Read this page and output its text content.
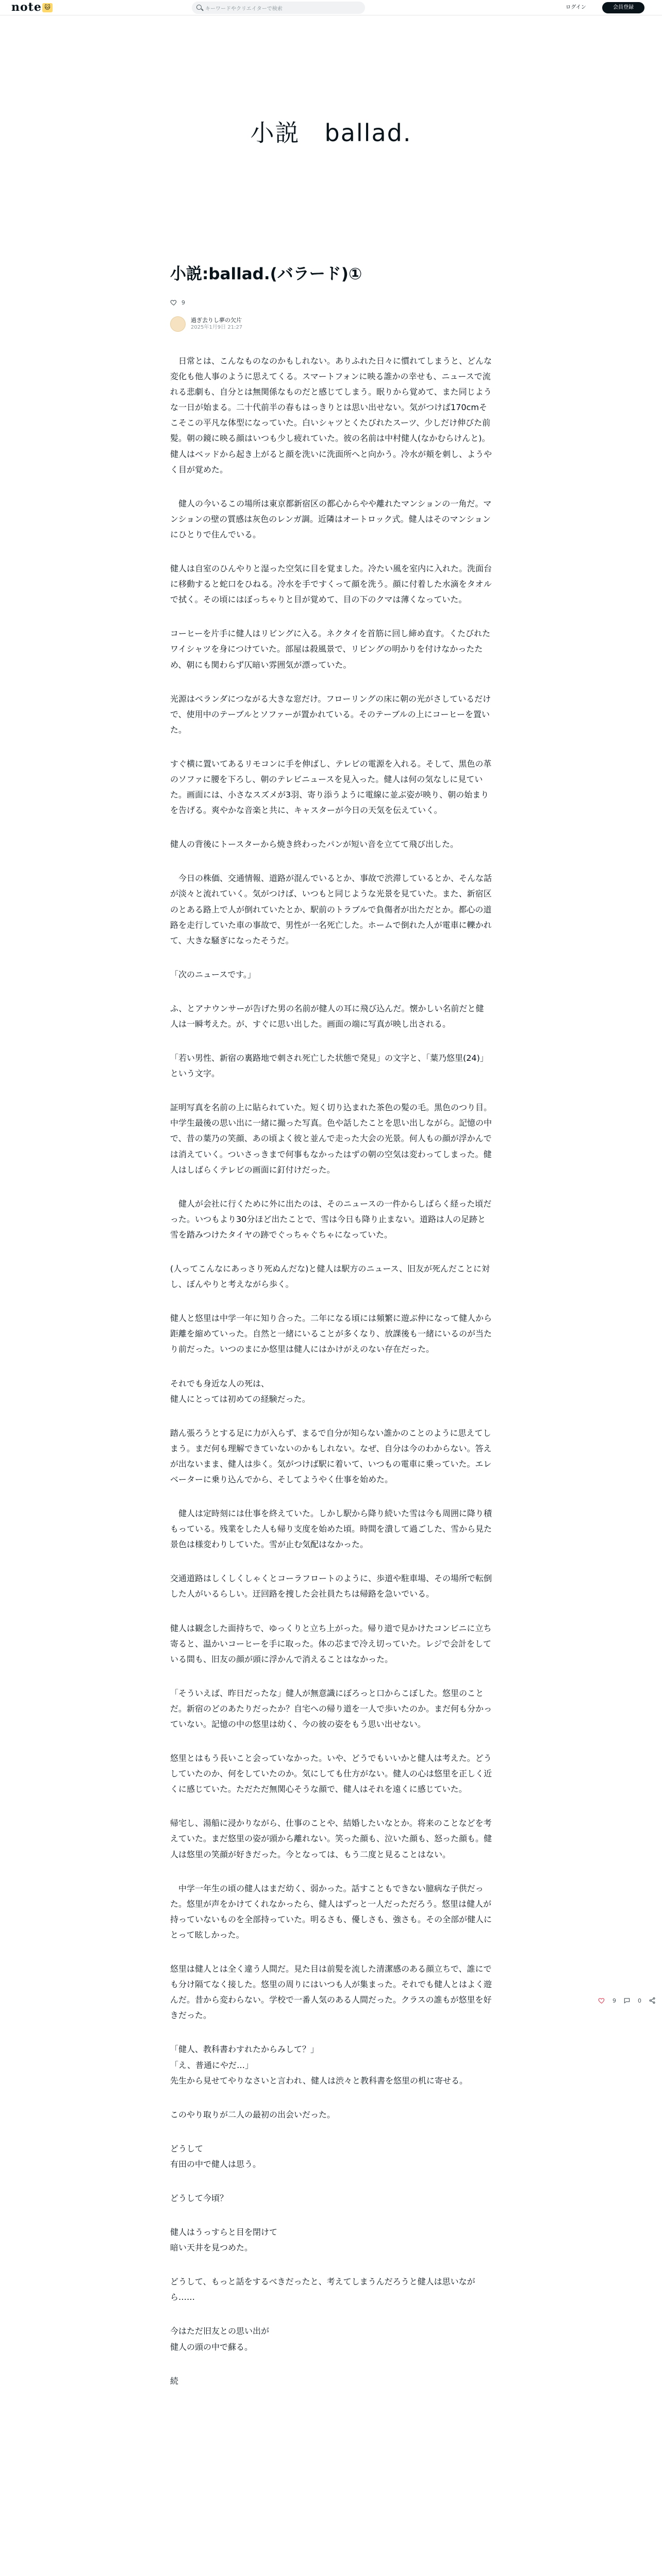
note 🐱	キーワードやクリエイターで検索	ログイン	会員登録
小説　ballad.
小説:ballad.(バラード)①
9
過ぎ去りし夢の欠片
2025年1月9日 21:27

　日常とは、こんなものなのかもしれない。ありふれた日々に慣れてしまうと、どんな変化も他人事のように思えてくる。スマートフォンに映る誰かの幸せも、ニュースで流れる悲劇も、自分とは無関係なものだと感じてしまう。眠りから覚めて、また同じような一日が始まる。二十代前半の春もはっきりとは思い出せない。気がつけば170cmそこそこの平凡な体型になっていた。白いシャツとくたびれたスーツ、少しだけ伸びた前髪。朝の鏡に映る顔はいつも少し疲れていた。彼の名前は中村健人(なかむらけんと)。健人はベッドから起き上がると顔を洗いに洗面所へと向かう。冷水が頬を刺し、ようやく目が覚めた。

　健人の今いるこの場所は東京都新宿区の都心からやや離れたマンションの一角だ。マンションの壁の質感は灰色のレンガ調。近隣はオートロック式。健人はそのマンションにひとりで住んでいる。

健人は自室のひんやりと湿った空気に目を覚ました。冷たい風を室内に入れた。洗面台に移動すると蛇口をひねる。冷水を手ですくって顔を洗う。顔に付着した水滴をタオルで拭く。その頃にはぼっちゃりと目が覚めて、目の下のクマは薄くなっていた。

コーヒーを片手に健人はリビングに入る。ネクタイを首筋に回し締め直す。くたびれたワイシャツを身につけていた。部屋は殺風景で、リビングの明かりを付けなかったため、朝にも関わらず仄暗い雰囲気が漂っていた。

光源はベランダにつながる大きな窓だけ。フローリングの床に朝の光がさしているだけで、使用中のテーブルとソファーが置かれている。そのテーブルの上にコーヒーを置いた。

すぐ横に置いてあるリモコンに手を伸ばし、テレビの電源を入れる。そして、黒色の革のソファに腰を下ろし、朝のテレビニュースを見入った。健人は何の気なしに見ていた。画面には、小さなスズメが3羽、寄り添うように電線に並ぶ姿が映り、朝の始まりを告げる。爽やかな音楽と共に、キャスターが今日の天気を伝えていく。

健人の背後にトースターから焼き終わったパンが短い音を立てて飛び出した。

　今日の株価、交通情報、道路が混んでいるとか、事故で渋滞しているとか、そんな話が淡々と流れていく。気がつけば、いつもと同じような光景を見ていた。また、新宿区のとある路上で人が倒れていたとか、駅前のトラブルで負傷者が出ただとか。都心の道路を走行していた車の事故で、男性が一名死亡した。ホームで倒れた人が電車に轢かれて、大きな騒ぎになったそうだ。

「次のニュースです。」

ふ、とアナウンサーが告げた男の名前が健人の耳に飛び込んだ。懐かしい名前だと健人は一瞬考えた。が、すぐに思い出した。画面の端に写真が映し出される。

「若い男性、新宿の裏路地で刺され死亡した状態で発見」の文字と、「葉乃悠里(24)」という文字。

証明写真を名前の上に貼られていた。短く切り込まれた茶色の髪の毛。黒色のつり目。中学生最後の思い出に一緒に撮った写真。色や話したことを思い出しながら。記憶の中で、昔の葉乃の笑顔、あの頃よく彼と並んで走った大会の光景。何人もの顔が浮かんでは消えていく。ついさっきまで何事もなかったはずの朝の空気は変わってしまった。健人はしばらくテレビの画面に釘付けだった。

　健人が会社に行くために外に出たのは、そのニュースの一件からしばらく経った頃だった。いつもより30分ほど出たことで、雪は今日も降り止まない。道路は人の足跡と雪を踏みつけたタイヤの跡でぐっちゃぐちゃになっていた。

(人ってこんなにあっさり死ぬんだな)と健人は駅方のニュース、旧友が死んだことに対し、ぼんやりと考えながら歩く。

健人と悠里は中学一年に知り合った。二年になる頃には頻繁に遊ぶ仲になって健人から距離を縮めていった。自然と一緒にいることが多くなり、放課後も一緒にいるのが当たり前だった。いつのまにか悠里は健人にはかけがえのない存在だった。

それでも身近な人の死は、
健人にとっては初めての経験だった。

踏ん張ろうとする足に力が入らず、まるで自分が知らない誰かのことのように思えてしまう。まだ何も理解できていないのかもしれない。なぜ、自分は今のわからない。答えが出ないまま、健人は歩く。気がつけば駅に着いて、いつもの電車に乗っていた。エレベーターに乗り込んでから、そしてようやく仕事を始めた。

　健人は定時刻には仕事を終えていた。しかし駅から降り続いた雪は今も周囲に降り積もっている。残業をした人も帰り支度を始めた頃。時間を潰して過ごした、雪から見た景色は様変わりしていた。雪が止む気配はなかった。

交通道路はしくしくしゃくとコーラフロートのように、歩道や駐車場、その場所で転倒した人がいるらしい。迂回路を捜した会社員たちは帰路を急いでいる。

健人は観念した面持ちで、ゆっくりと立ち上がった。帰り道で見かけたコンビニに立ち寄ると、温かいコーヒーを手に取った。体の芯まで冷え切っていた。レジで会計をしている間も、旧友の顔が頭に浮かんで消えることはなかった。

「そういえば、昨日だったな」健人が無意識にぼろっと口からこぼした。悠里のことだ。新宿のどのあたりだったか？自宅への帰り道を一人で歩いたのか。まだ何も分かっていない。記憶の中の悠里は幼く、今の彼の姿をもう思い出せない。

悠里とはもう長いこと会っていなかった。いや、どうでもいいかと健人は考えた。どうしていたのか、何をしていたのか。気にしても仕方がない。健人の心は悠里を正しく近くに感じていた。ただただ無関心そうな顔で、健人はそれを遠くに感じていた。

帰宅し、湯船に浸かりながら、仕事のことや、結婚したいなとか。将来のことなどを考えていた。まだ悠里の姿が頭から離れない。笑った顔も、泣いた顔も、怒った顔も。健人は悠里の笑顔が好きだった。今となっては、もう二度と見ることはない。

　中学一年生の頃の健人はまだ幼く、弱かった。話すこともできない臆病な子供だった。悠里が声をかけてくれなかったら、健人はずっと一人だっただろう。悠里は健人が持っていないものを全部持っていた。明るさも、優しさも、強さも。その全部が健人にとって眩しかった。

悠里は健人とは全く違う人間だ。見た目は前髪を流した清潔感のある顔立ちで、誰にでも分け隔てなく接した。悠里の周りにはいつも人が集まった。それでも健人とはよく遊んだ。昔から変わらない。学校で一番人気のある人間だった。クラスの誰もが悠里を好きだった。

「健人、教科書わすれたからみして？」
「え、普通にやだ…」
先生から見せてやりなさいと言われ、健人は渋々と教科書を悠里の机に寄せる。

このやり取りが二人の最初の出会いだった。

どうして
有田の中で健人は思う。

どうして今頃？

健人はうっすらと目を閉けて
暗い天井を見つめた。

どうして、もっと話をするべきだったと、考えてしまうんだろうと健人は思いながら……

今はただ旧友との思い出が
健人の頭の中で蘇る。

続

9	0
